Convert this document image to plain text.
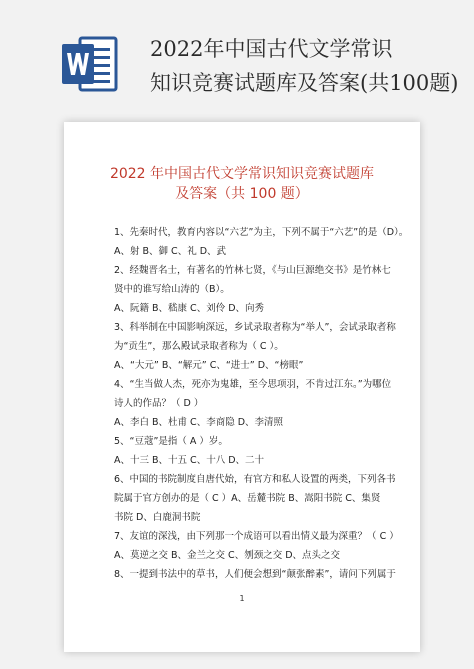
2022年中国古代文学常识
知识竞赛试题库及答案(共100题)
2022 年中国古代文学常识知识竞赛试题库
及答案（共 100 题）
1、先秦时代，教育内容以“六艺”为主，下列不属于“六艺”的是（D）。
A、射 B、御 C、礼 D、武
2、经魏晋名士，有著名的竹林七贤，《与山巨源绝交书》是竹林七
贤中的谁写给山涛的（B）。
A、阮籍 B、嵇康 C、刘伶 D、向秀
3、科举制在中国影响深远，乡试录取者称为“举人”，会试录取者称
为“贡生”，那么殿试录取者称为（ C ）。
A、“大元” B、“解元” C、“进士” D、“榜眼”
4、“生当做人杰，死亦为鬼雄，至今思项羽，不肯过江东。”为哪位
诗人的作品？（ D ）
A、李白 B、杜甫 C、李商隐 D、李清照
5、“豆蔻”是指（ A ）岁。
A、十三 B、十五 C、十八 D、二十
6、中国的书院制度自唐代始，有官方和私人设置的两类，下列各书
院属于官方创办的是（ C ）A、岳麓书院 B、嵩阳书院 C、集贤
书院 D、白鹿洞书院
7、友谊的深浅，由下列那一个成语可以看出情义最为深重？（ C ）
A、莫逆之交 B、金兰之交 C、刎颈之交 D、点头之交
8、一提到书法中的草书，人们便会想到“颠张醉素”，请问下列属于
1
